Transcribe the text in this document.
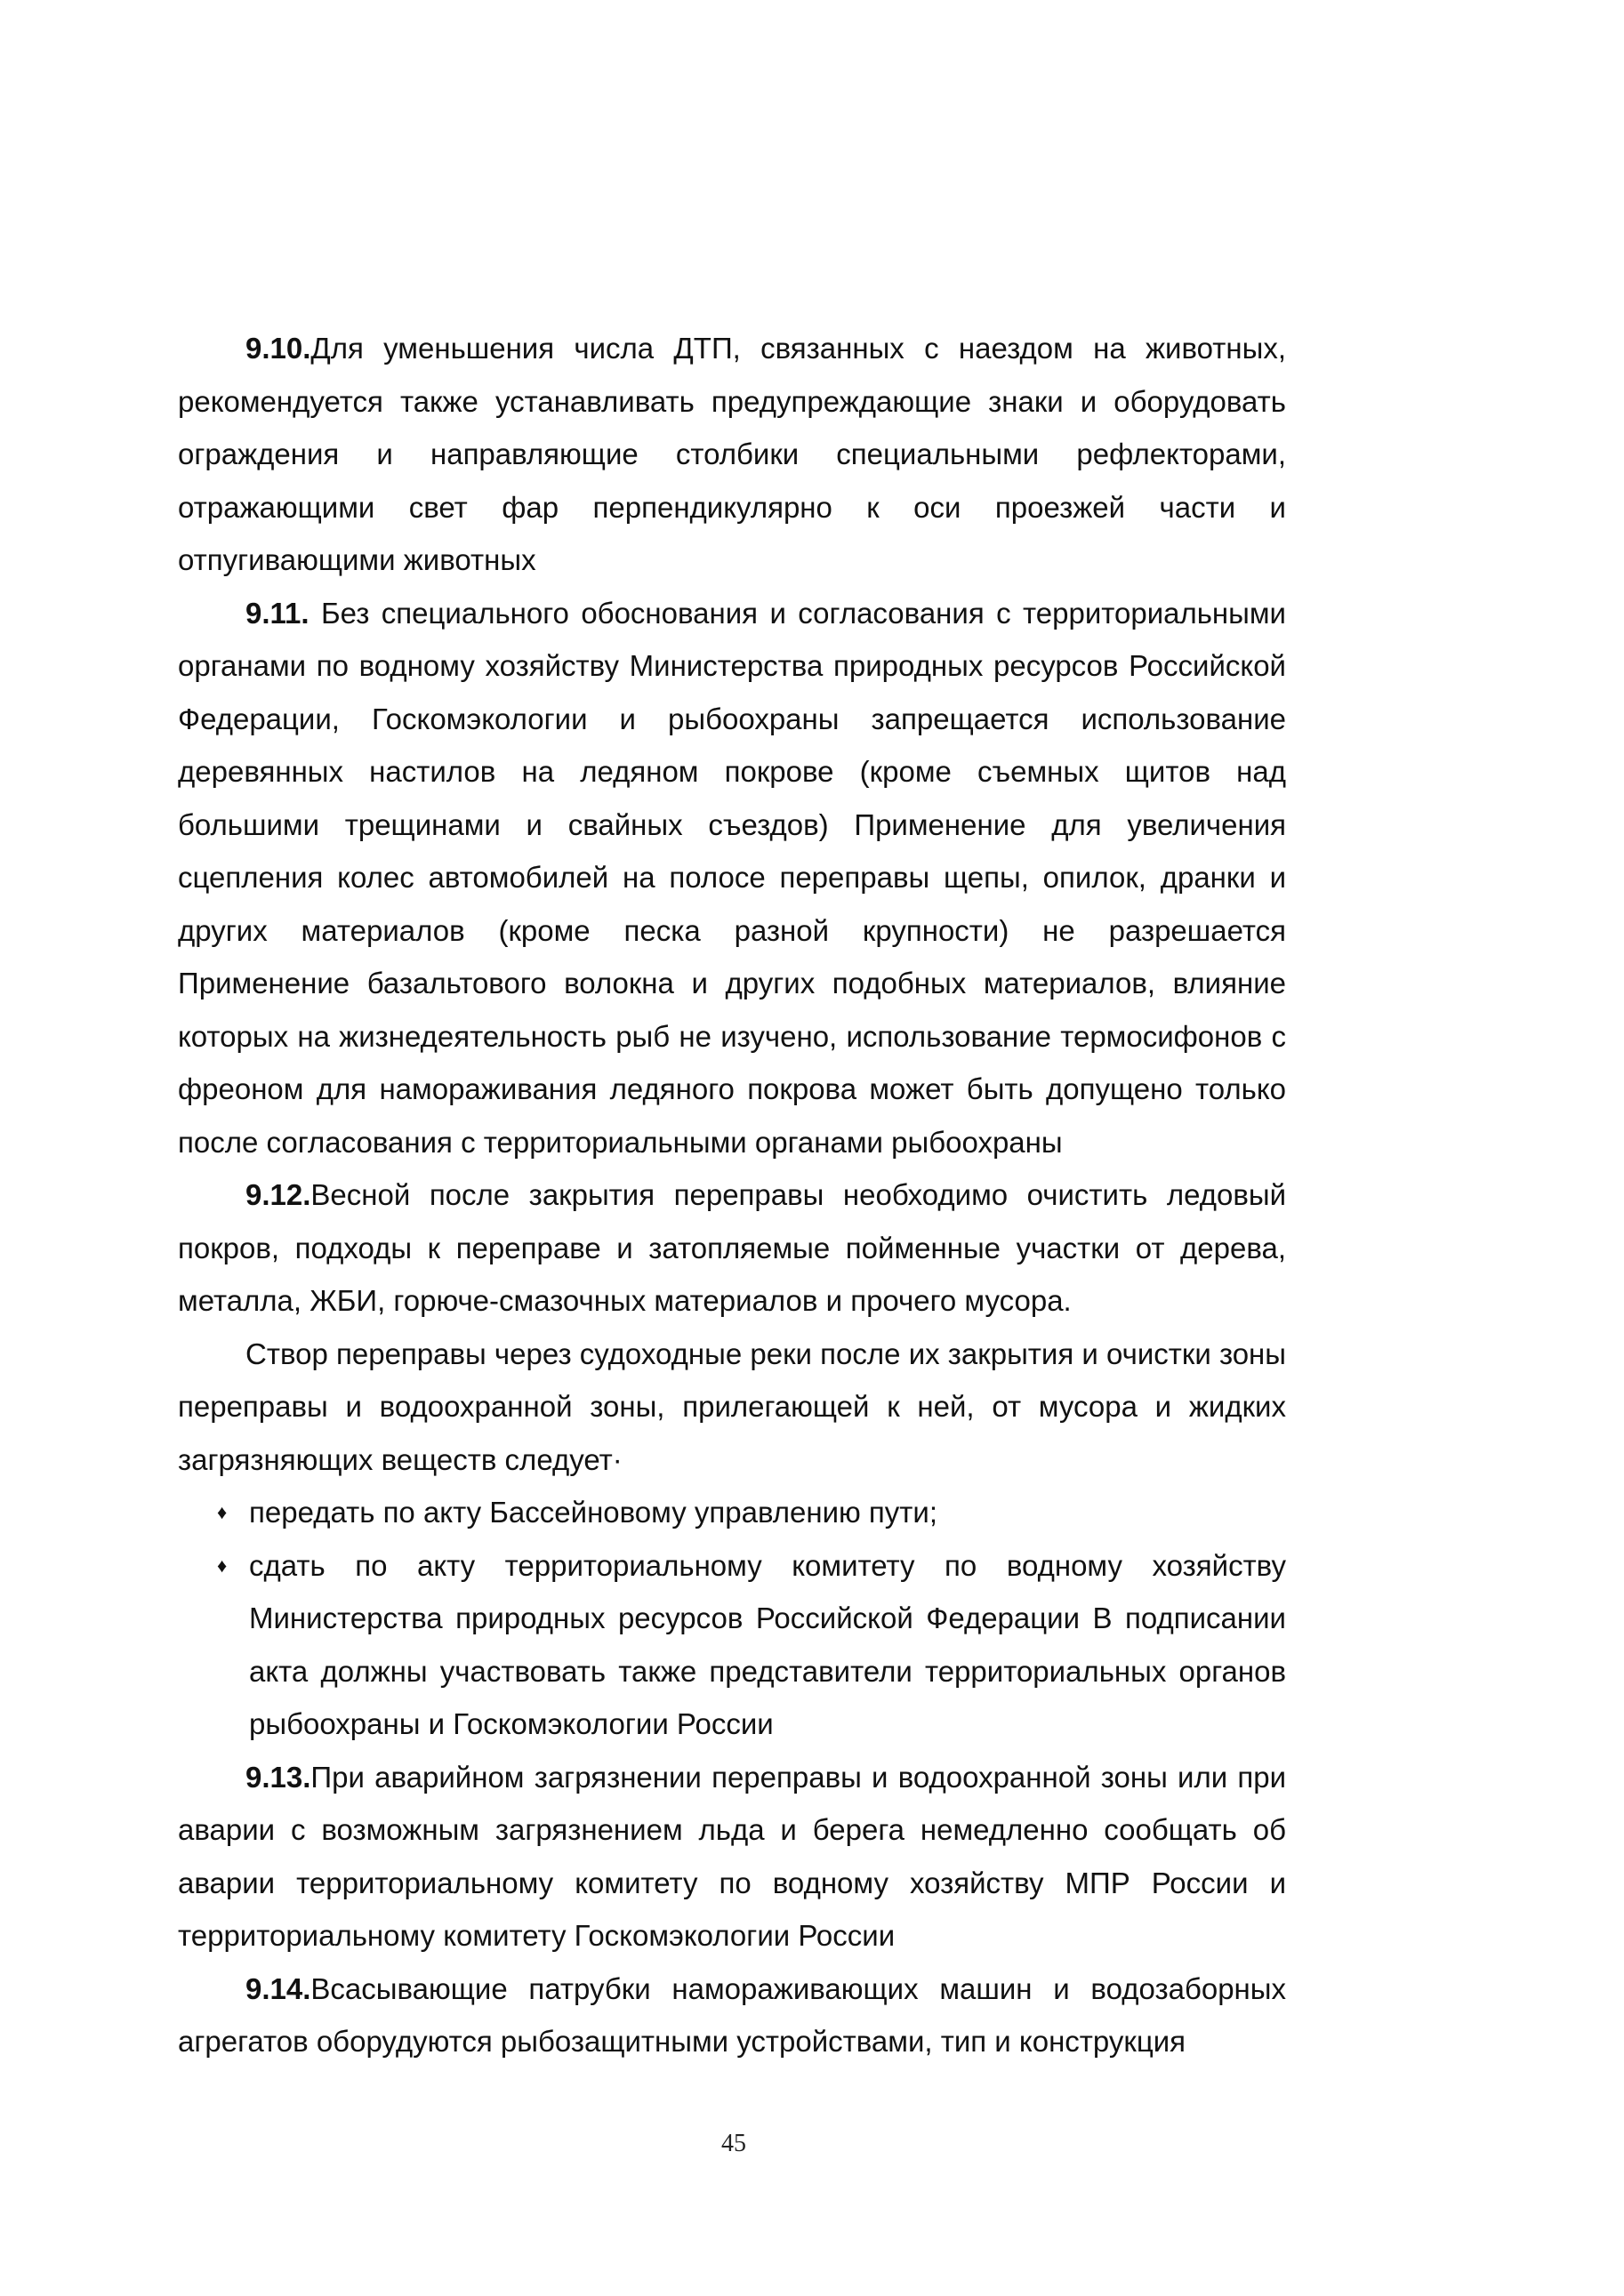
9.10.Для уменьшения числа ДТП, связанных с наездом на животных, рекомендуется также устанавливать предупреждающие знаки и оборудовать ограждения и направляющие столбики специальными рефлекторами, отражающими свет фар перпендикулярно к оси проезжей части и отпугивающими животных

9.11. Без специального обоснования и согласования с территориальными органами по водному хозяйству Министерства природных ресурсов Российской Федерации, Госкомэкологии и рыбоохраны запрещается использование деревянных настилов на ледяном покрове (кроме съемных щитов над большими трещинами и свайных съездов) Применение для увеличения сцепления колес автомобилей на полосе переправы щепы, опилок, дранки и других материалов (кроме песка разной крупности) не разрешается Применение базальтового волокна и других подобных материалов, влияние которых на жизнедеятельность рыб не изучено, использование термосифонов с фреоном для намораживания ледяного покрова может быть допущено только после согласования с территориальными органами рыбоохраны

9.12.Весной после закрытия переправы необходимо очистить ледовый покров, подходы к переправе и затопляемые пойменные участки от дерева, металла, ЖБИ, горюче-смазочных материалов и прочего мусора.

Створ переправы через судоходные реки после их закрытия и очистки зоны переправы и водоохранной зоны, прилегающей к ней, от мусора и жидких загрязняющих веществ следует·

♦ передать по акту Бассейновому управлению пути;
♦ сдать по акту территориальному комитету по водному хозяйству Министерства природных ресурсов Российской Федерации В подписании акта должны участвовать также представители территориальных органов рыбоохраны и Госкомэкологии России

9.13.При аварийном загрязнении переправы и водоохранной зоны или при аварии с возможным загрязнением льда и берега немедленно сообщать об аварии территориальному комитету по водному хозяйству МПР России и территориальному комитету Госкомэкологии России

9.14.Всасывающие патрубки намораживающих машин и водозаборных агрегатов оборудуются рыбозащитными устройствами, тип и конструкция

45
